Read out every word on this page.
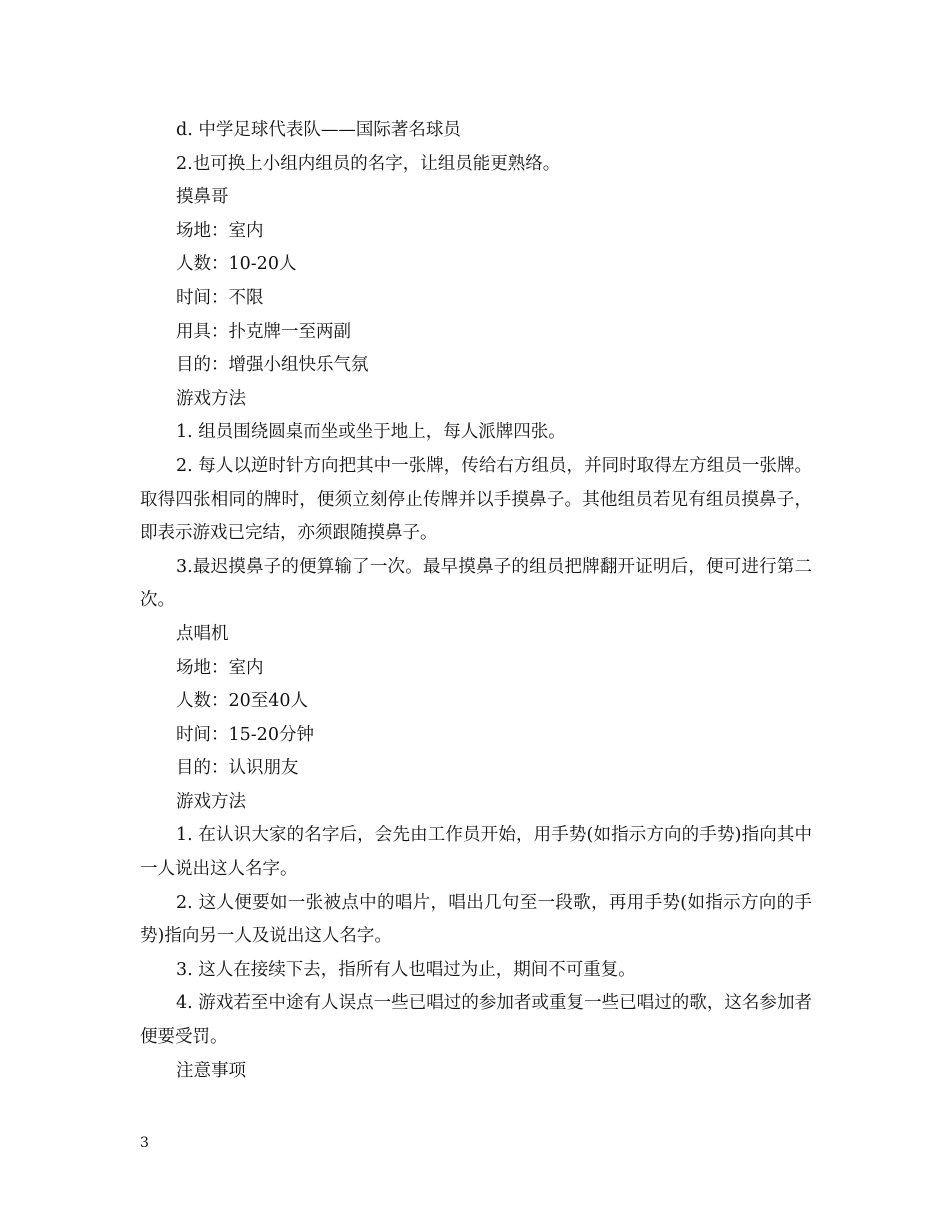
d. 中学足球代表队——国际著名球员

2.也可换上小组内组员的名字，让组员能更熟络。

摸鼻哥

场地：室内

人数：10-20人

时间：不限

用具：扑克牌一至两副

目的：增强小组快乐气氛

游戏方法

1. 组员围绕圆桌而坐或坐于地上，每人派牌四张。

2. 每人以逆时针方向把其中一张牌，传给右方组员，并同时取得左方组员一张牌。取得四张相同的牌时，便须立刻停止传牌并以手摸鼻子。其他组员若见有组员摸鼻子，即表示游戏已完结，亦须跟随摸鼻子。

3.最迟摸鼻子的便算输了一次。最早摸鼻子的组员把牌翻开证明后，便可进行第二次。

点唱机

场地：室内

人数：20至40人

时间：15-20分钟

目的：认识朋友

游戏方法

1. 在认识大家的名字后，会先由工作员开始，用手势(如指示方向的手势)指向其中一人说出这人名字。

2. 这人便要如一张被点中的唱片，唱出几句至一段歌，再用手势(如指示方向的手势)指向另一人及说出这人名字。

3. 这人在接续下去，指所有人也唱过为止，期间不可重复。

4. 游戏若至中途有人误点一些已唱过的参加者或重复一些已唱过的歌，这名参加者便要受罚。

注意事项

3
